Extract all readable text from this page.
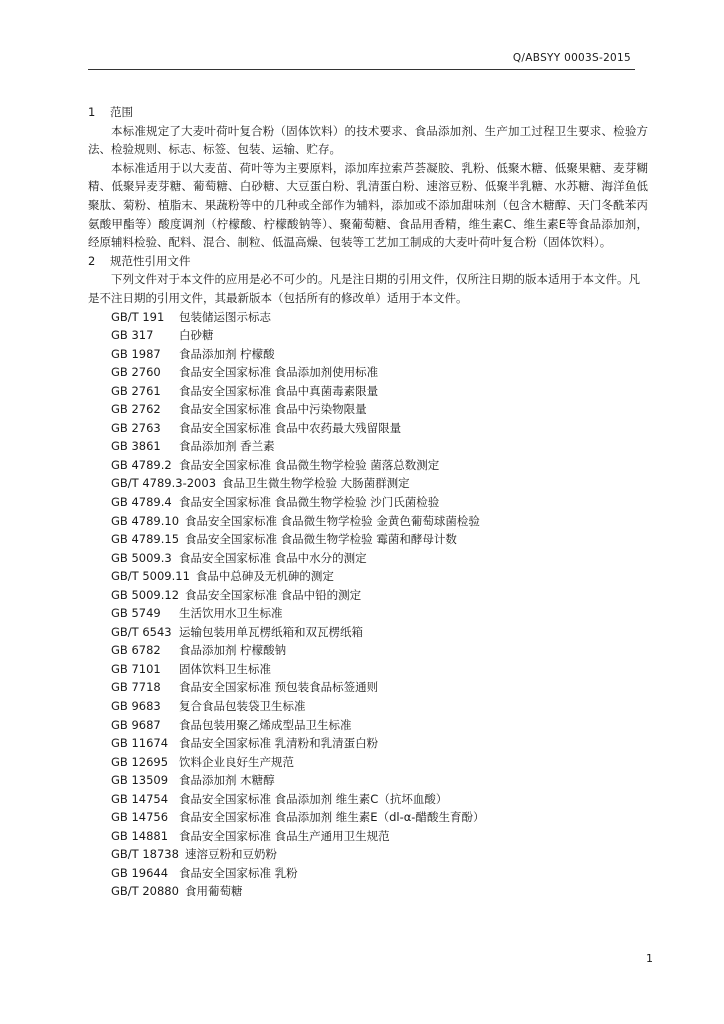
Q/ABSYY 0003S-2015
1	范围

本标准规定了大麦叶荷叶复合粉（固体饮料）的技术要求、食品添加剂、生产加工过程卫生要求、检验方法、检验规则、标志、标签、包装、运输、贮存。

本标准适用于以大麦苗、荷叶等为主要原料，添加库拉索芦荟凝胶、乳粉、低聚木糖、低聚果糖、麦芽糊精、低聚异麦芽糖、葡萄糖、白砂糖、大豆蛋白粉、乳清蛋白粉、速溶豆粉、低聚半乳糖、水苏糖、海洋鱼低聚肽、菊粉、植脂末、果蔬粉等中的几种或全部作为辅料，添加或不添加甜味剂（包含木糖醇、天门冬酰苯丙氨酸甲酯等）酸度调剂（柠檬酸、柠檬酸钠等）、聚葡萄糖、食品用香精，维生素C、维生素E等食品添加剂，经原辅料检验、配料、混合、制粒、低温高燥、包装等工艺加工制成的大麦叶荷叶复合粉（固体饮料）。

2	规范性引用文件

下列文件对于本文件的应用是必不可少的。凡是注日期的引用文件，仅所注日期的版本适用于本文件。凡是不注日期的引用文件，其最新版本（包括所有的修改单）适用于本文件。

GB/T 191 包装储运图示标志
GB 317 白砂糖
GB 1987 食品添加剂 柠檬酸
GB 2760 食品安全国家标准 食品添加剂使用标准
GB 2761 食品安全国家标准 食品中真菌毒素限量
GB 2762 食品安全国家标准 食品中污染物限量
GB 2763 食品安全国家标准 食品中农药最大残留限量
GB 3861 食品添加剂 香兰素
GB 4789.2 食品安全国家标准 食品微生物学检验 菌落总数测定
GB/T 4789.3-2003 食品卫生微生物学检验 大肠菌群测定
GB 4789.4 食品安全国家标准 食品微生物学检验 沙门氏菌检验
GB 4789.10 食品安全国家标准 食品微生物学检验 金黄色葡萄球菌检验
GB 4789.15 食品安全国家标准 食品微生物学检验 霉菌和酵母计数
GB 5009.3 食品安全国家标准 食品中水分的测定
GB/T 5009.11 食品中总砷及无机砷的测定
GB 5009.12 食品安全国家标准 食品中铅的测定
GB 5749 生活饮用水卫生标准
GB/T 6543 运输包装用单瓦楞纸箱和双瓦楞纸箱
GB 6782 食品添加剂 柠檬酸钠
GB 7101 固体饮料卫生标准
GB 7718 食品安全国家标准 预包装食品标签通则
GB 9683 复合食品包装袋卫生标准
GB 9687 食品包装用聚乙烯成型品卫生标准
GB 11674 食品安全国家标准 乳清粉和乳清蛋白粉
GB 12695 饮料企业良好生产规范
GB 13509 食品添加剂 木糖醇
GB 14754 食品安全国家标准 食品添加剂 维生素C（抗坏血酸）
GB 14756 食品安全国家标准 食品添加剂 维生素E（dl-α-醋酸生育酚）
GB 14881 食品安全国家标准 食品生产通用卫生规范
GB/T 18738 速溶豆粉和豆奶粉
GB 19644 食品安全国家标准 乳粉
GB/T 20880 食用葡萄糖
1
